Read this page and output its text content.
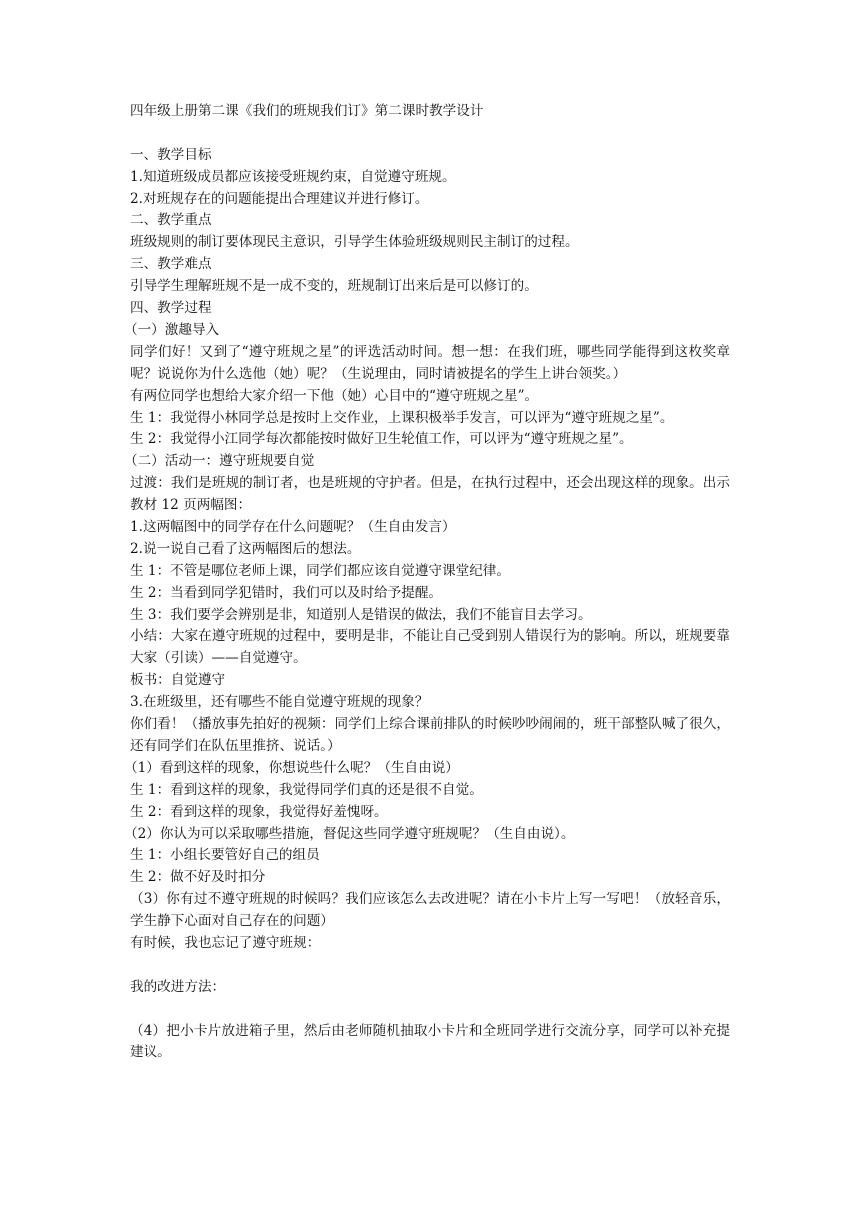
四年级上册第二课《我们的班规我们订》第二课时教学设计
一、教学目标
1.知道班级成员都应该接受班规约束，自觉遵守班规。
2.对班规存在的问题能提出合理建议并进行修订。
二、教学重点
班级规则的制订要体现民主意识，引导学生体验班级规则民主制订的过程。
三、教学难点
引导学生理解班规不是一成不变的，班规制订出来后是可以修订的。
四、教学过程
（一）激趣导入
同学们好！又到了“遵守班规之星”的评选活动时间。想一想：在我们班，哪些同学能得到这枚奖章呢？说说你为什么选他（她）呢？（生说理由，同时请被提名的学生上讲台领奖。）
有两位同学也想给大家介绍一下他（她）心目中的“遵守班规之星”。
生 1：我觉得小林同学总是按时上交作业，上课积极举手发言，可以评为“遵守班规之星”。
生 2：我觉得小江同学每次都能按时做好卫生轮值工作，可以评为“遵守班规之星”。
（二）活动一：遵守班规要自觉
过渡：我们是班规的制订者，也是班规的守护者。但是，在执行过程中，还会出现这样的现象。出示教材 12 页两幅图：
1.这两幅图中的同学存在什么问题呢？（生自由发言）
2.说一说自己看了这两幅图后的想法。
生 1：不管是哪位老师上课，同学们都应该自觉遵守课堂纪律。
生 2：当看到同学犯错时，我们可以及时给予提醒。
生 3：我们要学会辨别是非，知道别人是错误的做法，我们不能盲目去学习。
小结：大家在遵守班规的过程中，要明是非，不能让自己受到别人错误行为的影响。所以，班规要靠大家（引读）——自觉遵守。
板书：自觉遵守
3.在班级里，还有哪些不能自觉遵守班规的现象？
你们看！（播放事先拍好的视频：同学们上综合课前排队的时候吵吵闹闹的，班干部整队喊了很久，还有同学们在队伍里推挤、说话。）
（1）看到这样的现象，你想说些什么呢？（生自由说）
生 1：看到这样的现象，我觉得同学们真的还是很不自觉。
生 2：看到这样的现象，我觉得好羞愧呀。
（2）你认为可以采取哪些措施，督促这些同学遵守班规呢？（生自由说）。
生 1：小组长要管好自己的组员
生 2：做不好及时扣分
（3）你有过不遵守班规的时候吗？我们应该怎么去改进呢？请在小卡片上写一写吧！（放轻音乐，学生静下心面对自己存在的问题）
有时候，我也忘记了遵守班规：
我的改进方法：
（4）把小卡片放进箱子里，然后由老师随机抽取小卡片和全班同学进行交流分享，同学可以补充提建议。
